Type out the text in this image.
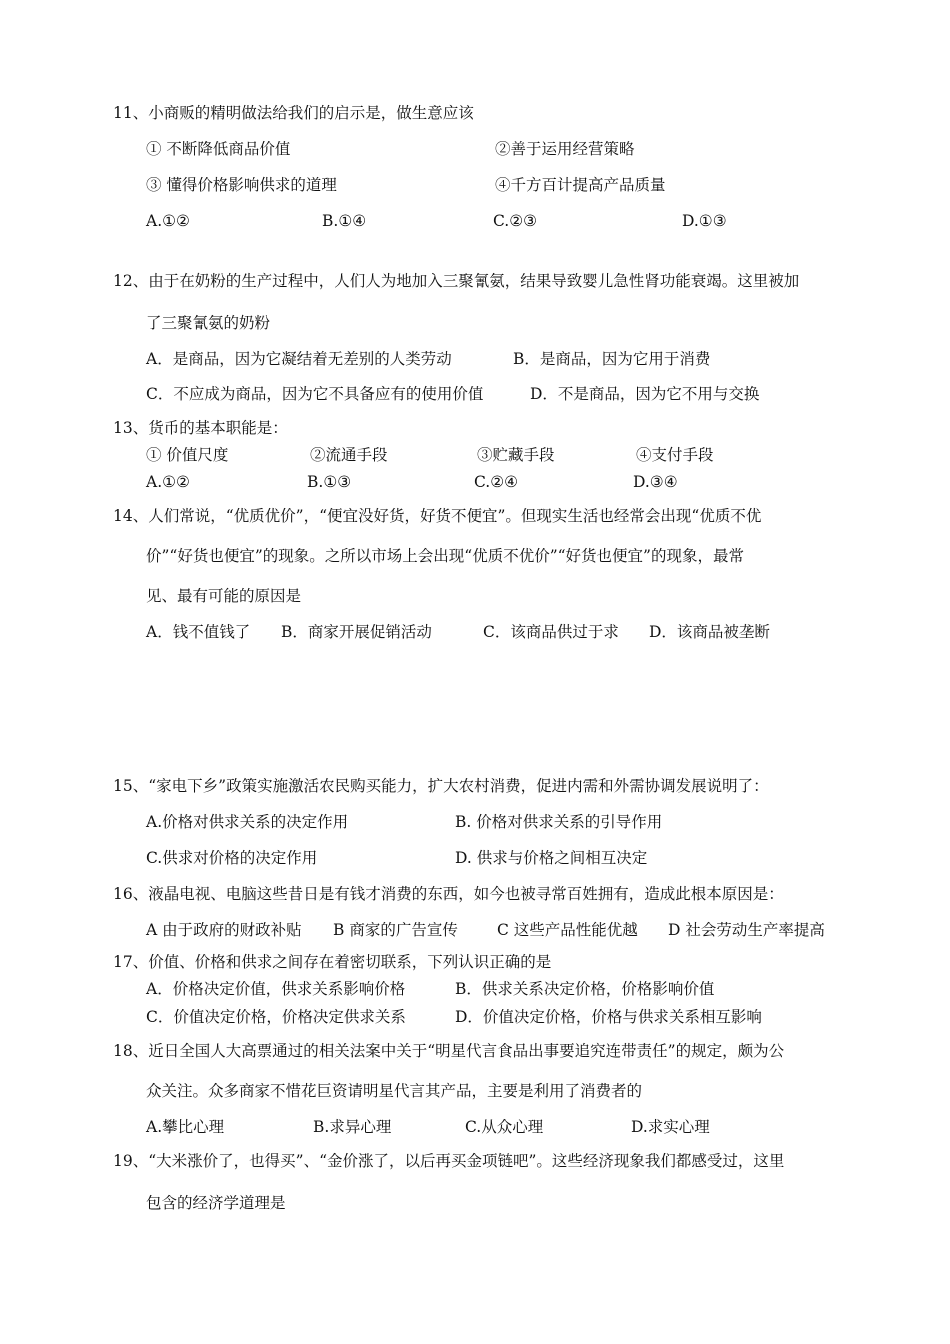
11、小商贩的精明做法给我们的启示是，做生意应该
① 不断降低商品价值	②善于运用经营策略
③ 懂得价格影响供求的道理	④千方百计提高产品质量
A.①②	B.①④	C.②③	D.①③
12、由于在奶粉的生产过程中，人们人为地加入三聚氰氨，结果导致婴儿急性肾功能衰竭。这里被加
了三聚氰氨的奶粉
A．是商品，因为它凝结着无差别的人类劳动	B．是商品，因为它用于消费
C．不应成为商品，因为它不具备应有的使用价值	D．不是商品，因为它不用与交换
13、货币的基本职能是：
① 价值尺度	②流通手段	③贮藏手段	④支付手段
A.①②	B.①③	C.②④	D.③④
14、人们常说，“优质优价”，“便宜没好货，好货不便宜”。但现实生活也经常会出现“优质不优
价”“好货也便宜”的现象。之所以市场上会出现“优质不优价”“好货也便宜”的现象，最常
见、最有可能的原因是
A．钱不值钱了 B．商家开展促销活动	C．该商品供过于求 D．该商品被垄断
15、“家电下乡”政策实施激活农民购买能力，扩大农村消费，促进内需和外需协调发展说明了：
A.价格对供求关系的决定作用	B. 价格对供求关系的引导作用
C.供求对价格的决定作用	D. 供求与价格之间相互决定
16、液晶电视、电脑这些昔日是有钱才消费的东西，如今也被寻常百姓拥有，造成此根本原因是：
A 由于政府的财政补贴 B 商家的广告宣传	C 这些产品性能优越 D 社会劳动生产率提高
17、价值、价格和供求之间存在着密切联系，下列认识正确的是
A．价格决定价值，供求关系影响价格	B．供求关系决定价格，价格影响价值
C．价值决定价格，价格决定供求关系	D．价值决定价格，价格与供求关系相互影响
18、近日全国人大高票通过的相关法案中关于“明星代言食品出事要追究连带责任”的规定，颇为公
众关注。众多商家不惜花巨资请明星代言其产品，主要是利用了消费者的
A.攀比心理	B.求异心理	C.从众心理	D.求实心理
19、“大米涨价了，也得买”、“金价涨了，以后再买金项链吧”。这些经济现象我们都感受过，这里
包含的经济学道理是
